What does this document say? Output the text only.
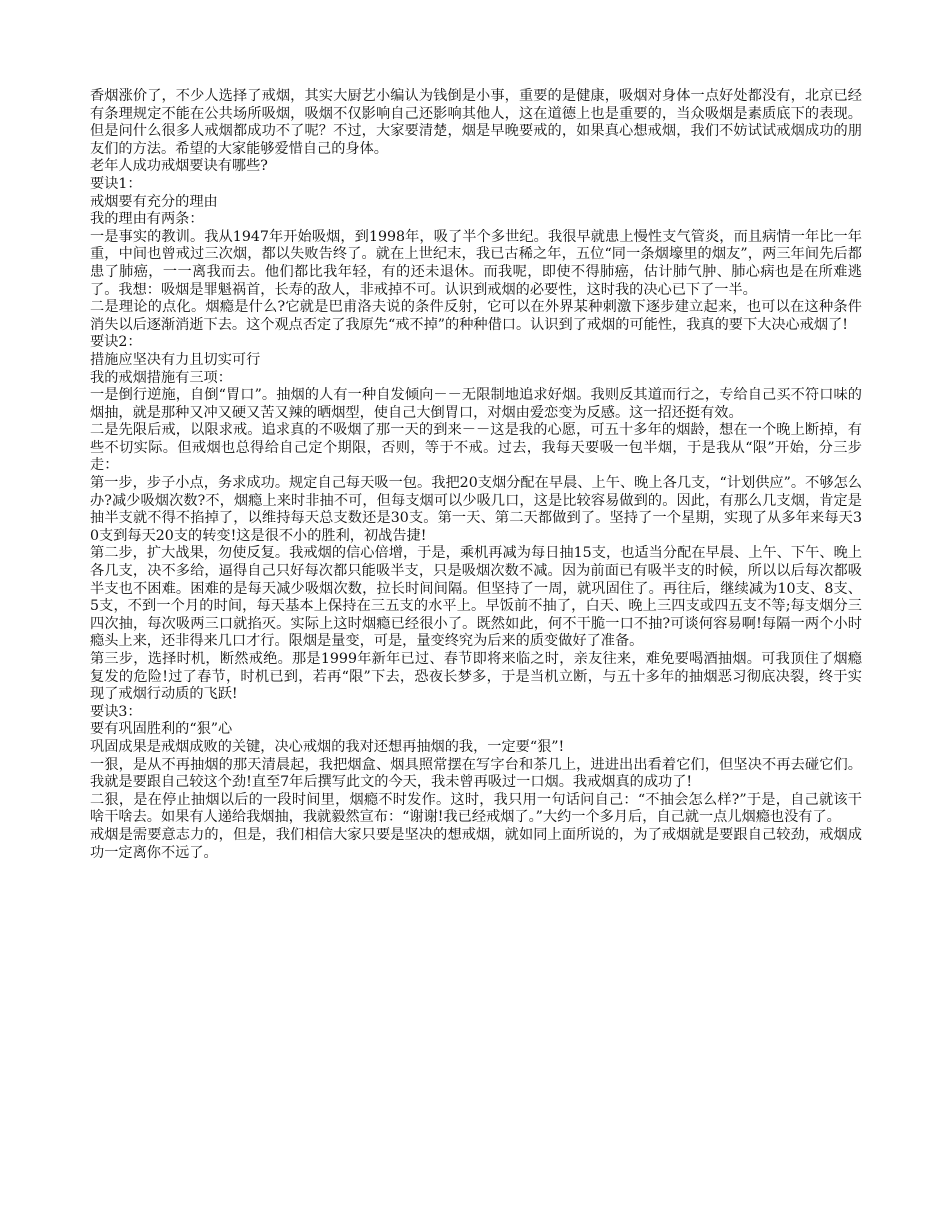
香烟涨价了，不少人选择了戒烟，其实大厨艺小编认为钱倒是小事，重要的是健康，吸烟对身体一点好处都没有，北京已经有条理规定不能在公共场所吸烟，吸烟不仅影响自己还影响其他人，这在道德上也是重要的，当众吸烟是素质底下的表现。但是问什么很多人戒烟都成功不了呢？不过，大家要清楚，烟是早晚要戒的，如果真心想戒烟，我们不妨试试戒烟成功的朋友们的方法。希望的大家能够爱惜自己的身体。

老年人成功戒烟要诀有哪些?

要诀1：

戒烟要有充分的理由

我的理由有两条：

一是事实的教训。我从1947年开始吸烟，到1998年，吸了半个多世纪。我很早就患上慢性支气管炎，而且病情一年比一年重，中间也曾戒过三次烟，都以失败告终了。就在上世纪末，我已古稀之年，五位“同一条烟壕里的烟友”，两三年间先后都患了肺癌，一一离我而去。他们都比我年轻，有的还未退休。而我呢，即使不得肺癌，估计肺气肿、肺心病也是在所难逃了。我想：吸烟是罪魁祸首，长寿的敌人，非戒掉不可。认识到戒烟的必要性，这时我的决心已下了一半。

二是理论的点化。烟瘾是什么?它就是巴甫洛夫说的条件反射，它可以在外界某种刺激下逐步建立起来，也可以在这种条件消失以后逐渐消逝下去。这个观点否定了我原先“戒不掉”的种种借口。认识到了戒烟的可能性，我真的要下大决心戒烟了!

要诀2：

措施应坚决有力且切实可行

我的戒烟措施有三项：

一是倒行逆施，自倒“胃口”。抽烟的人有一种自发倾向－－无限制地追求好烟。我则反其道而行之，专给自己买不符口味的烟抽，就是那种又冲又硬又苦又辣的晒烟型，使自己大倒胃口，对烟由爱恋变为反感。这一招还挺有效。

二是先限后戒，以限求戒。追求真的不吸烟了那一天的到来－－这是我的心愿，可五十多年的烟龄，想在一个晚上断掉，有些不切实际。但戒烟也总得给自己定个期限，否则，等于不戒。过去，我每天要吸一包半烟，于是我从“限”开始，分三步走：

第一步，步子小点，务求成功。规定自己每天吸一包。我把20支烟分配在早晨、上午、晚上各几支，“计划供应”。不够怎么办?减少吸烟次数?不，烟瘾上来时非抽不可，但每支烟可以少吸几口，这是比较容易做到的。因此，有那么几支烟，肯定是抽半支就不得不掐掉了，以维持每天总支数还是30支。第一天、第二天都做到了。坚持了一个星期，实现了从多年来每天30支到每天20支的转变!这是很不小的胜利，初战告捷!

第二步，扩大战果，勿使反复。我戒烟的信心倍增，于是，乘机再减为每日抽15支，也适当分配在早晨、上午、下午、晚上各几支，决不多给，逼得自己只好每次都只能吸半支，只是吸烟次数不减。因为前面已有吸半支的时候，所以以后每次都吸半支也不困难。困难的是每天减少吸烟次数，拉长时间间隔。但坚持了一周，就巩固住了。再往后，继续减为10支、8支、5支，不到一个月的时间，每天基本上保持在三五支的水平上。早饭前不抽了，白天、晚上三四支或四五支不等;每支烟分三四次抽，每次吸两三口就掐灭。实际上这时烟瘾已经很小了。既然如此，何不干脆一口不抽?可谈何容易啊!每隔一两个小时瘾头上来，还非得来几口才行。限烟是量变，可是，量变终究为后来的质变做好了准备。

第三步，选择时机，断然戒绝。那是1999年新年已过、春节即将来临之时，亲友往来，难免要喝酒抽烟。可我顶住了烟瘾复发的危险!过了春节，时机已到，若再“限”下去，恐夜长梦多，于是当机立断，与五十多年的抽烟恶习彻底决裂，终于实现了戒烟行动质的飞跃!

要诀3：

要有巩固胜利的“狠”心

巩固成果是戒烟成败的关键，决心戒烟的我对还想再抽烟的我，一定要“狠”!

一狠，是从不再抽烟的那天清晨起，我把烟盒、烟具照常摆在写字台和茶几上，进进出出看着它们，但坚决不再去碰它们。我就是要跟自己较这个劲!直至7年后撰写此文的今天，我未曾再吸过一口烟。我戒烟真的成功了!

二狠，是在停止抽烟以后的一段时间里，烟瘾不时发作。这时，我只用一句话问自己：“不抽会怎么样?”于是，自己就该干啥干啥去。如果有人递给我烟抽，我就毅然宣布：“谢谢!我已经戒烟了。”大约一个多月后，自己就一点儿烟瘾也没有了。

戒烟是需要意志力的，但是，我们相信大家只要是坚决的想戒烟，就如同上面所说的，为了戒烟就是要跟自己较劲，戒烟成功一定离你不远了。
